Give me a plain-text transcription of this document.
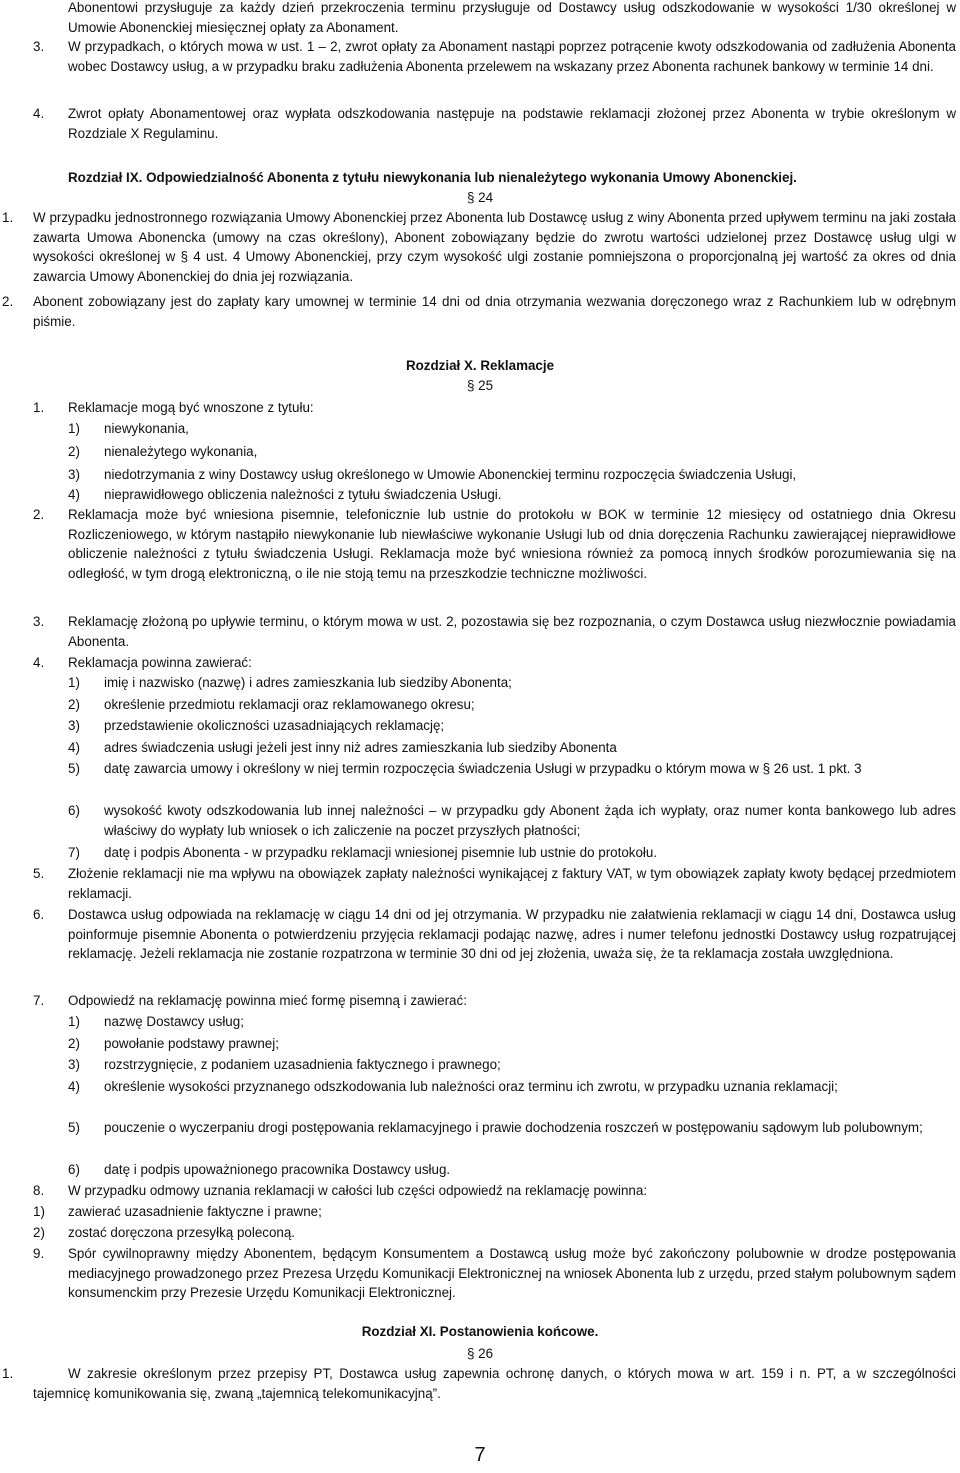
Abonentowi przysługuje za każdy dzień przekroczenia terminu przysługuje od Dostawcy usług odszkodowanie w wysokości 1/30 określonej w Umowie Abonenckiej miesięcznej opłaty za Abonament.
3. W przypadkach, o których mowa w ust. 1 – 2, zwrot opłaty za Abonament nastąpi poprzez potrącenie kwoty odszkodowania od zadłużenia Abonenta wobec Dostawcy usług, a w przypadku braku zadłużenia Abonenta przelewem na wskazany przez Abonenta rachunek bankowy w terminie 14 dni.
4. Zwrot opłaty Abonamentowej oraz wypłata odszkodowania następuje na podstawie reklamacji złożonej przez Abonenta w trybie określonym w Rozdziale X Regulaminu.
Rozdział IX. Odpowiedzialność Abonenta z tytułu niewykonania lub nienależytego wykonania Umowy Abonenckiej.
§ 24
1. W przypadku jednostronnego rozwiązania Umowy Abonenckiej przez Abonenta lub Dostawcę usług z winy Abonenta przed upływem terminu na jaki została zawarta Umowa Abonencka (umowy na czas określony), Abonent zobowiązany będzie do zwrotu wartości udzielonej przez Dostawcę usług ulgi w wysokości określonej w § 4 ust. 4 Umowy Abonenckiej, przy czym wysokość ulgi zostanie pomniejszona o proporcjonalną jej wartość za okres od dnia zawarcia Umowy Abonenckiej do dnia jej rozwiązania.
2. Abonent zobowiązany jest do zapłaty kary umownej w terminie 14 dni od dnia otrzymania wezwania doręczonego wraz z Rachunkiem lub w odrębnym piśmie.
Rozdział X. Reklamacje
§ 25
1. Reklamacje mogą być wnoszone z tytułu:
1) niewykonania,
2) nienależytego wykonania,
3) niedotrzymania z winy Dostawcy usług określonego w Umowie Abonenckiej terminu rozpoczęcia świadczenia Usługi,
4) nieprawidłowego obliczenia należności z tytułu świadczenia Usługi.
2. Reklamacja może być wniesiona pisemnie, telefonicznie lub ustnie do protokołu w BOK w terminie 12 miesięcy od ostatniego dnia Okresu Rozliczeniowego, w którym nastąpiło niewykonanie lub niewłaściwe wykonanie Usługi lub od dnia doręczenia Rachunku zawierającej nieprawidłowe obliczenie należności z tytułu świadczenia Usługi. Reklamacja może być wniesiona również za pomocą innych środków porozumiewania się na odległość, w tym drogą elektroniczną, o ile nie stoją temu na przeszkodzie techniczne możliwości.
3. Reklamację złożoną po upływie terminu, o którym mowa w ust. 2, pozostawia się bez rozpoznania, o czym Dostawca usług niezwłocznie powiadamia Abonenta.
4. Reklamacja powinna zawierać:
1) imię i nazwisko (nazwę) i adres zamieszkania lub siedziby Abonenta;
2) określenie przedmiotu reklamacji oraz reklamowanego okresu;
3) przedstawienie okoliczności uzasadniających reklamację;
4) adres świadczenia usługi jeżeli jest inny niż adres zamieszkania lub siedziby Abonenta
5) datę zawarcia umowy i określony w niej termin rozpoczęcia świadczenia Usługi w przypadku o którym mowa w § 26 ust. 1 pkt. 3
6) wysokość kwoty odszkodowania lub innej należności – w przypadku gdy Abonent żąda ich wypłaty, oraz numer konta bankowego lub adres właściwy do wypłaty lub wniosek o ich zaliczenie na poczet przyszłych płatności;
7) datę i podpis Abonenta - w przypadku reklamacji wniesionej pisemnie lub ustnie do protokołu.
5. Złożenie reklamacji nie ma wpływu na obowiązek zapłaty należności wynikającej z faktury VAT, w tym obowiązek zapłaty kwoty będącej przedmiotem reklamacji.
6. Dostawca usług odpowiada na reklamację w ciągu 14 dni od jej otrzymania. W przypadku nie załatwienia reklamacji w ciągu 14 dni, Dostawca usług poinformuje pisemnie Abonenta o potwierdzeniu przyjęcia reklamacji podając nazwę, adres i numer telefonu jednostki Dostawcy usług rozpatrującej reklamację. Jeżeli reklamacja nie zostanie rozpatrzona w terminie 30 dni od jej złożenia, uważa się, że ta reklamacja została uwzględniona.
7. Odpowiedź na reklamację powinna mieć formę pisemną i zawierać:
1) nazwę Dostawcy usług;
2) powołanie podstawy prawnej;
3) rozstrzygnięcie, z podaniem uzasadnienia faktycznego i prawnego;
4) określenie wysokości przyznanego odszkodowania lub należności oraz terminu ich zwrotu, w przypadku uznania reklamacji;
5) pouczenie o wyczerpaniu drogi postępowania reklamacyjnego i prawie dochodzenia roszczeń w postępowaniu sądowym lub polubownym;
6) datę i podpis upoważnionego pracownika Dostawcy usług.
8. W przypadku odmowy uznania reklamacji w całości lub części odpowiedź na reklamację powinna:
1) zawierać uzasadnienie faktyczne i prawne;
2) zostać doręczona przesyłką poleconą.
9. Spór cywilnoprawny między Abonentem, będącym Konsumentem a Dostawcą usług może być zakończony polubownie w drodze postępowania mediacyjnego prowadzonego przez Prezesa Urzędu Komunikacji Elektronicznej na wniosek Abonenta lub z urzędu, przed stałym polubownym sądem konsumenckim przy Prezesie Urzędu Komunikacji Elektronicznej.
Rozdział XI. Postanowienia końcowe.
§ 26
1.	W zakresie określonym przez przepisy PT, Dostawca usług zapewnia ochronę danych, o których mowa w art. 159 i n. PT, a w szczególności tajemnicę komunikowania się, zwaną „tajemnicą telekomunikacyjną”.
7
